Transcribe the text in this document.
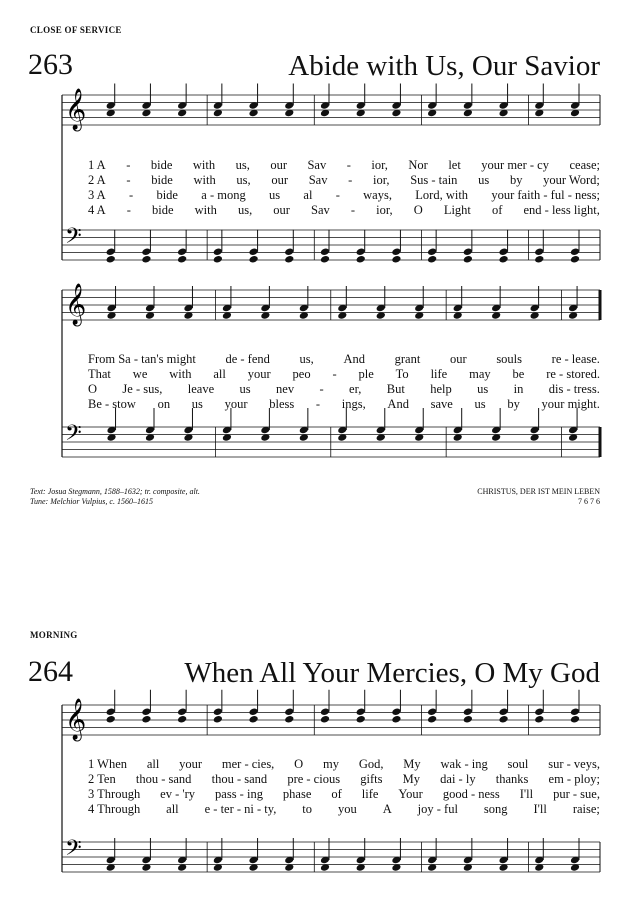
CLOSE OF SERVICE
263	Abide with Us, Our Savior
𝄞
𝄢
𝄞
𝄢
𝄞
𝄢
1 A - bide with us, our Sav - ior, Nor let your mer - cy cease;
2 A - bide with us, our Sav - ior, Sus - tain us by your Word;
3 A - bide a - mong us al - ways, Lord, with your faith - ful - ness;
4 A - bide with us, our Sav - ior, O Light of end - less light,
From Sa - tan's might de - fend us, And grant our souls re - lease.
That we with all your peo - ple To life may be re - stored.
O Je - sus, leave us nev - er, But help us in dis - tress.
Be - stow on us your bless - ings, And save us by your might.
1 When all your mer - cies, O my God, My wak - ing soul sur - veys,
2 Ten thou - sand thou - sand pre - cious gifts My dai - ly thanks em - ploy;
3 Through ev - 'ry pass - ing phase of life Your good - ness I'll pur - sue,
4 Through all e - ter - ni - ty, to you A joy - ful song I'll raise;
Text: Josua Stegmann, 1588–1632; tr. composite, alt.
Tune: Melchior Vulpius, c. 1560–1615
CHRISTUS, DER IST MEIN LEBEN
7 6 7 6
MORNING
264	When All Your Mercies, O My God
